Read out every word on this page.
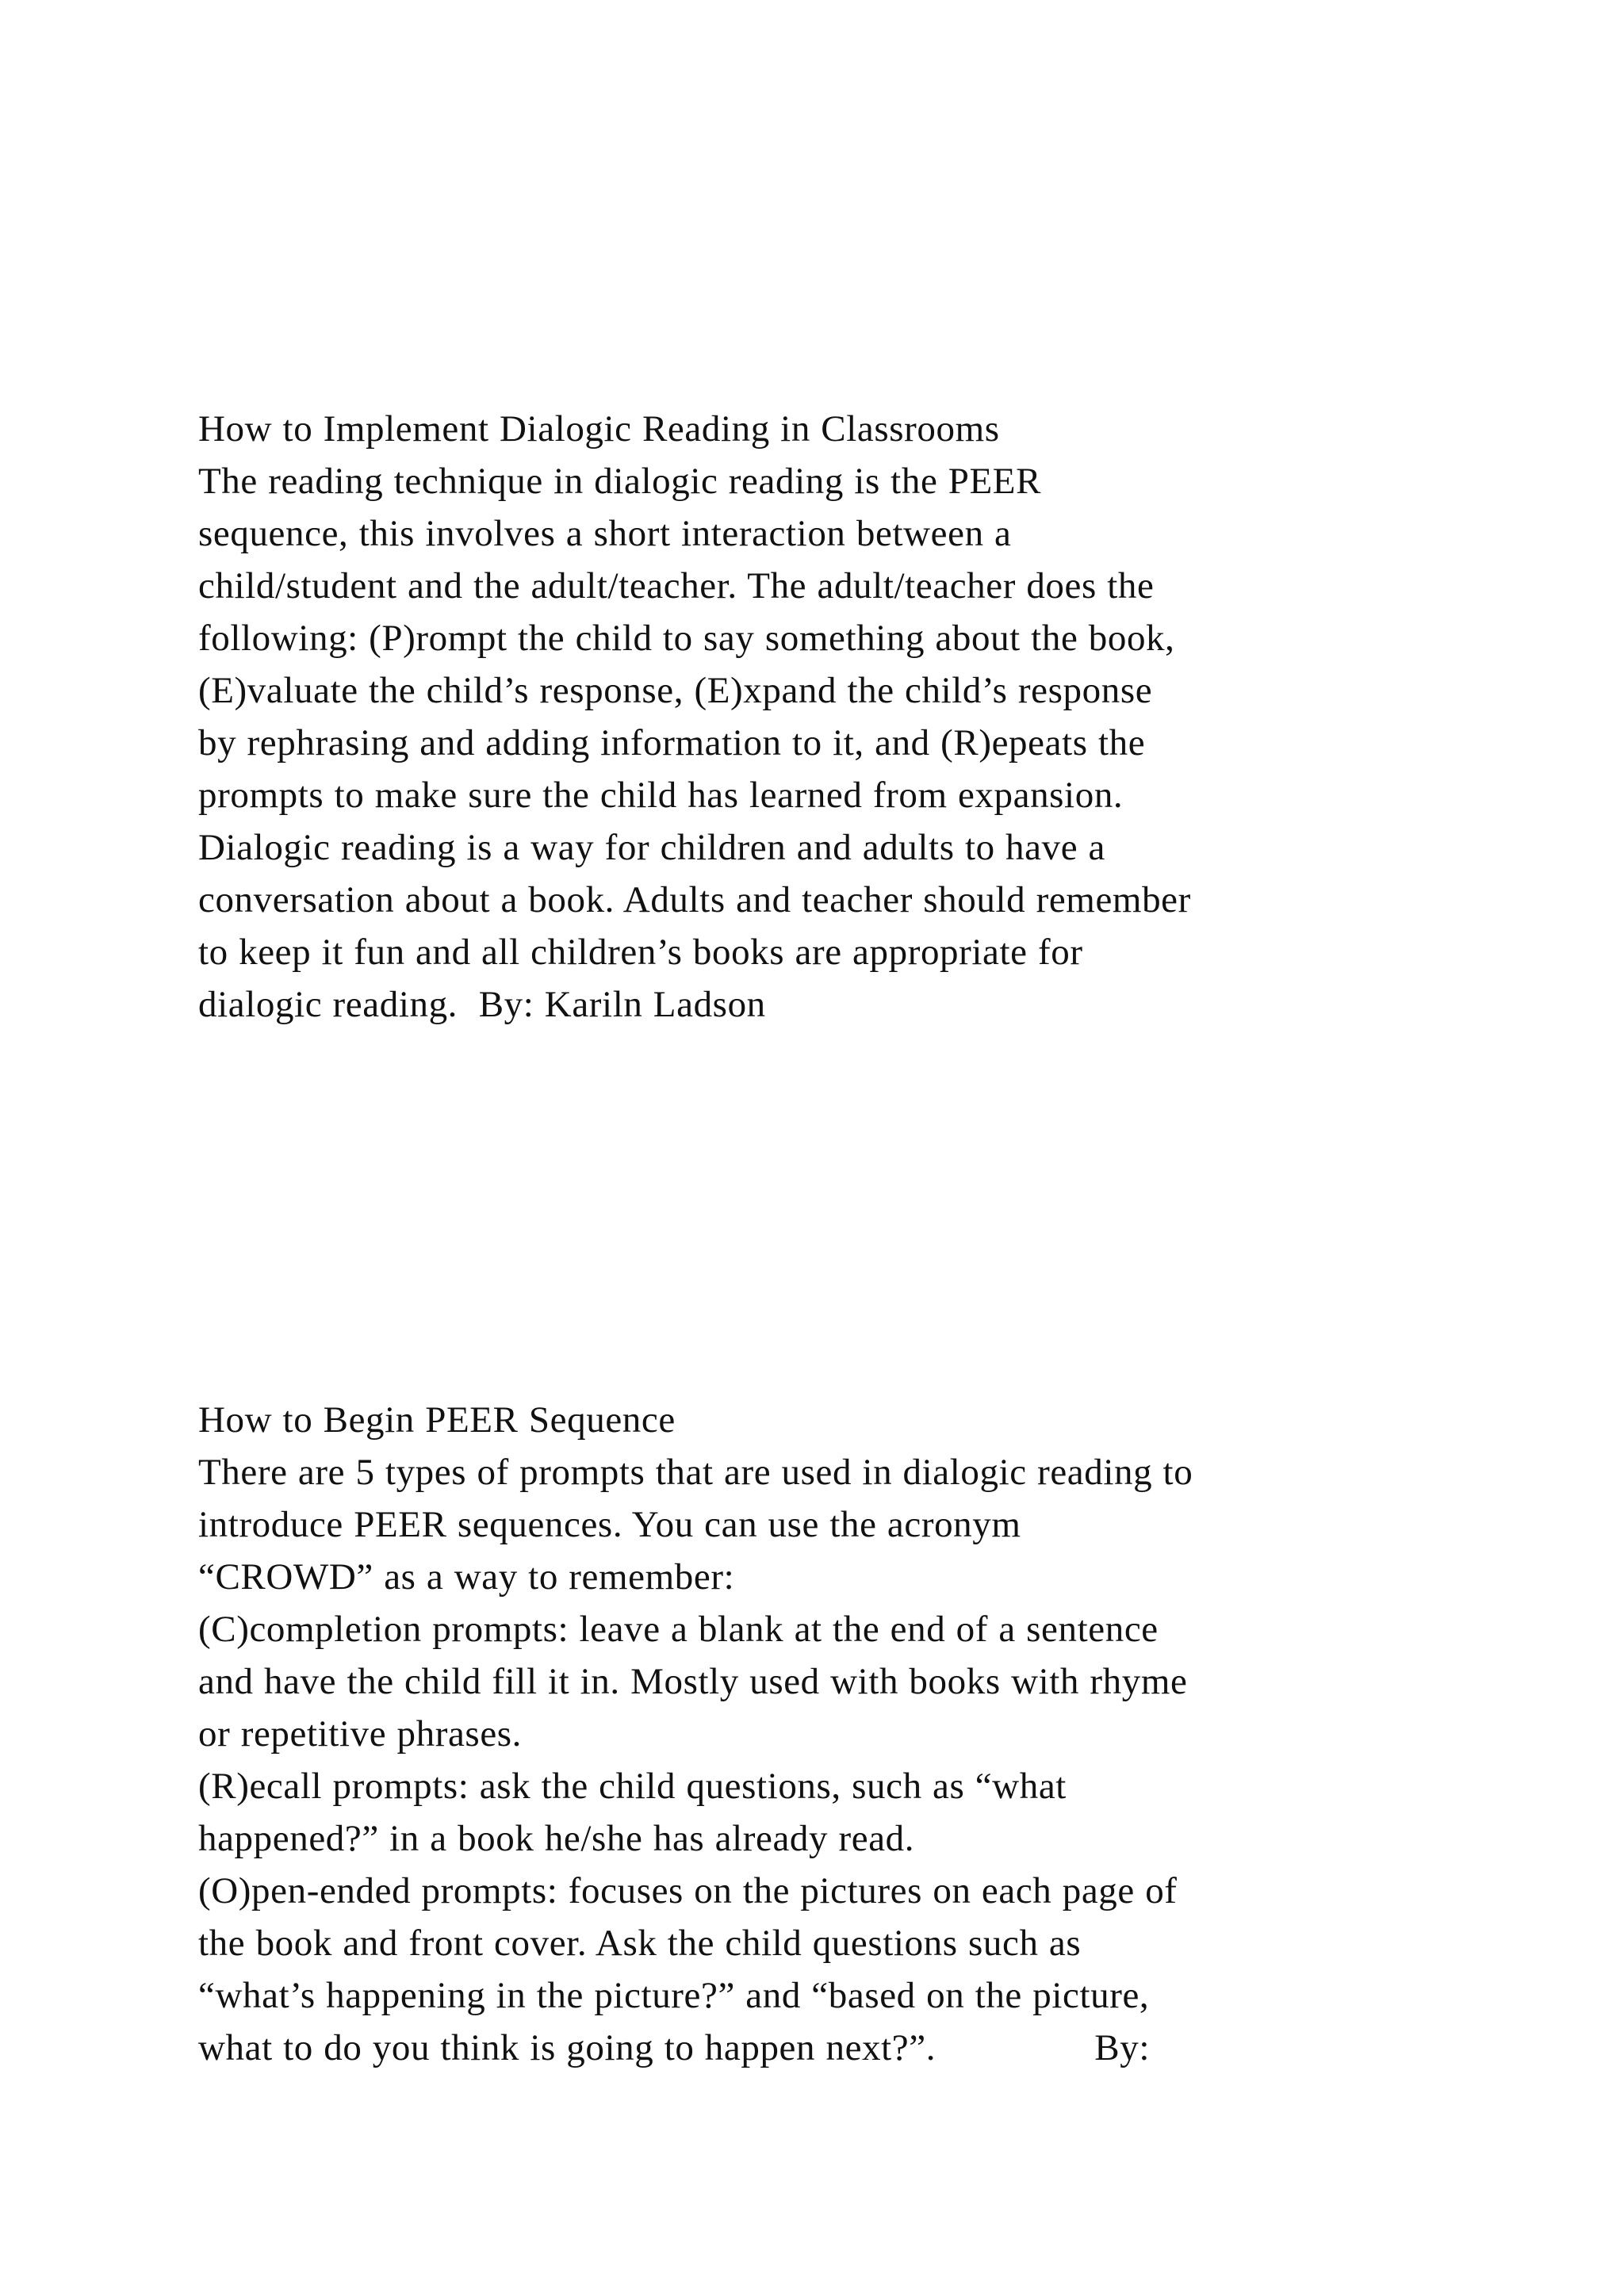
How to Implement Dialogic Reading in Classrooms
The reading technique in dialogic reading is the PEER
sequence, this involves a short interaction between a
child/student and the adult/teacher. The adult/teacher does the
following: (P)rompt the child to say something about the book,
(E)valuate the child’s response, (E)xpand the child’s response
by rephrasing and adding information to it, and (R)epeats the
prompts to make sure the child has learned from expansion.
Dialogic reading is a way for children and adults to have a
conversation about a book. Adults and teacher should remember
to keep it fun and all children’s books are appropriate for
dialogic reading.  By: Kariln Ladson
How to Begin PEER Sequence
There are 5 types of prompts that are used in dialogic reading to
introduce PEER sequences. You can use the acronym
“CROWD” as a way to remember:
(C)completion prompts: leave a blank at the end of a sentence
and have the child fill it in. Mostly used with books with rhyme
or repetitive phrases.
(R)ecall prompts: ask the child questions, such as “what
happened?” in a book he/she has already read.
(O)pen-ended prompts: focuses on the pictures on each page of
the book and front cover. Ask the child questions such as
“what’s happening in the picture?” and “based on the picture,
what to do you think is going to happen next?”.               By:
